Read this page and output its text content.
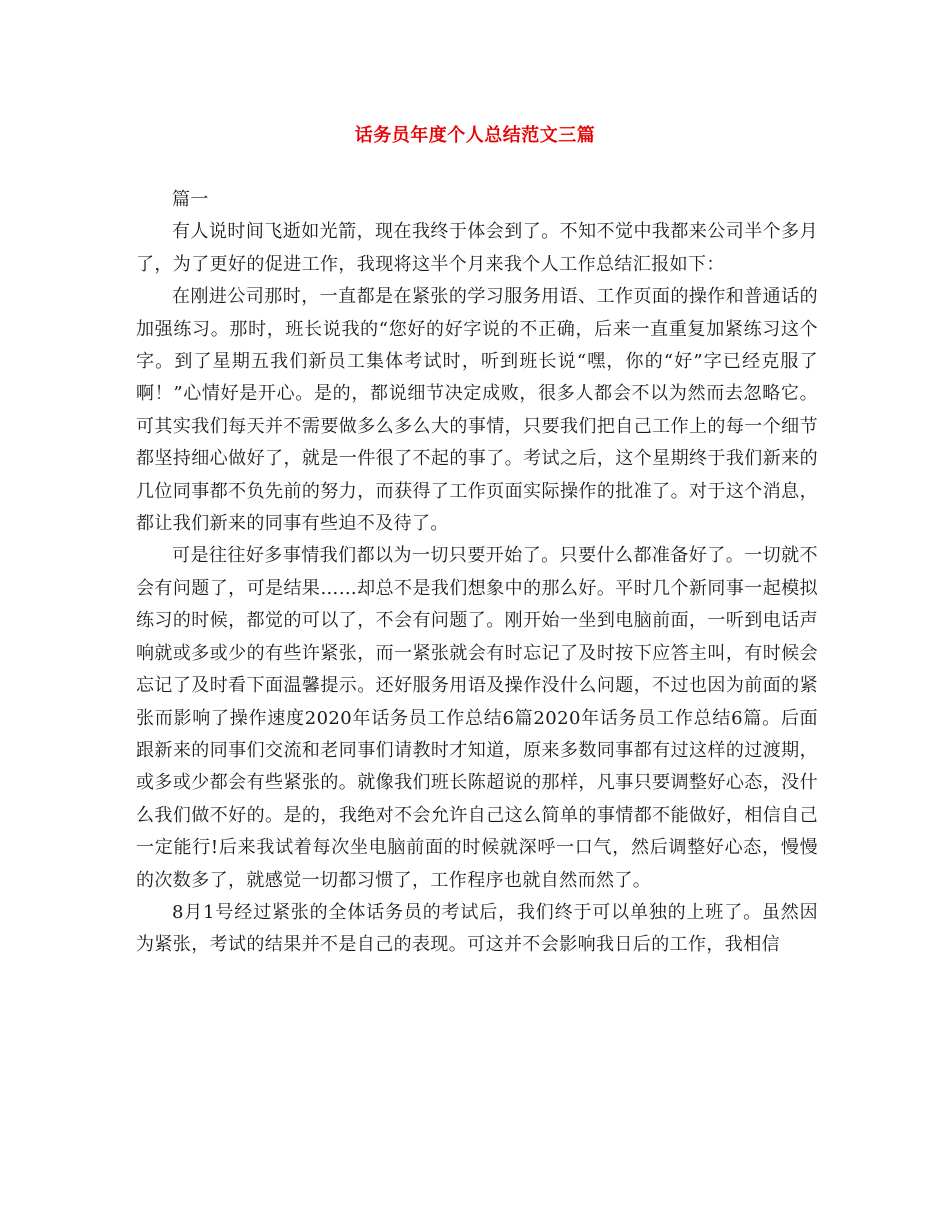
话务员年度个人总结范文三篇

篇一

有人说时间飞逝如光箭，现在我终于体会到了。不知不觉中我都来公司半个多月了，为了更好的促进工作，我现将这半个月来我个人工作总结汇报如下：

在刚进公司那时，一直都是在紧张的学习服务用语、工作页面的操作和普通话的加强练习。那时，班长说我的“您好的好字说的不正确，后来一直重复加紧练习这个字。到了星期五我们新员工集体考试时，听到班长说“嘿，你的“好”字已经克服了啊！”心情好是开心。是的，都说细节决定成败，很多人都会不以为然而去忽略它。可其实我们每天并不需要做多么多么大的事情，只要我们把自己工作上的每一个细节都坚持细心做好了，就是一件很了不起的事了。考试之后，这个星期终于我们新来的几位同事都不负先前的努力，而获得了工作页面实际操作的批准了。对于这个消息，都让我们新来的同事有些迫不及待了。

可是往往好多事情我们都以为一切只要开始了。只要什么都准备好了。一切就不会有问题了，可是结果……却总不是我们想象中的那么好。平时几个新同事一起模拟练习的时候，都觉的可以了，不会有问题了。刚开始一坐到电脑前面，一听到电话声响就或多或少的有些许紧张，而一紧张就会有时忘记了及时按下应答主叫，有时候会忘记了及时看下面温馨提示。还好服务用语及操作没什么问题，不过也因为前面的紧张而影响了操作速度2020年话务员工作总结6篇2020年话务员工作总结6篇。后面跟新来的同事们交流和老同事们请教时才知道，原来多数同事都有过这样的过渡期，或多或少都会有些紧张的。就像我们班长陈超说的那样，凡事只要调整好心态，没什么我们做不好的。是的，我绝对不会允许自己这么简单的事情都不能做好，相信自己一定能行!后来我试着每次坐电脑前面的时候就深呼一口气，然后调整好心态，慢慢的次数多了，就感觉一切都习惯了，工作程序也就自然而然了。

8月1号经过紧张的全体话务员的考试后，我们终于可以单独的上班了。虽然因为紧张，考试的结果并不是自己的表现。可这并不会影响我日后的工作，我相信
